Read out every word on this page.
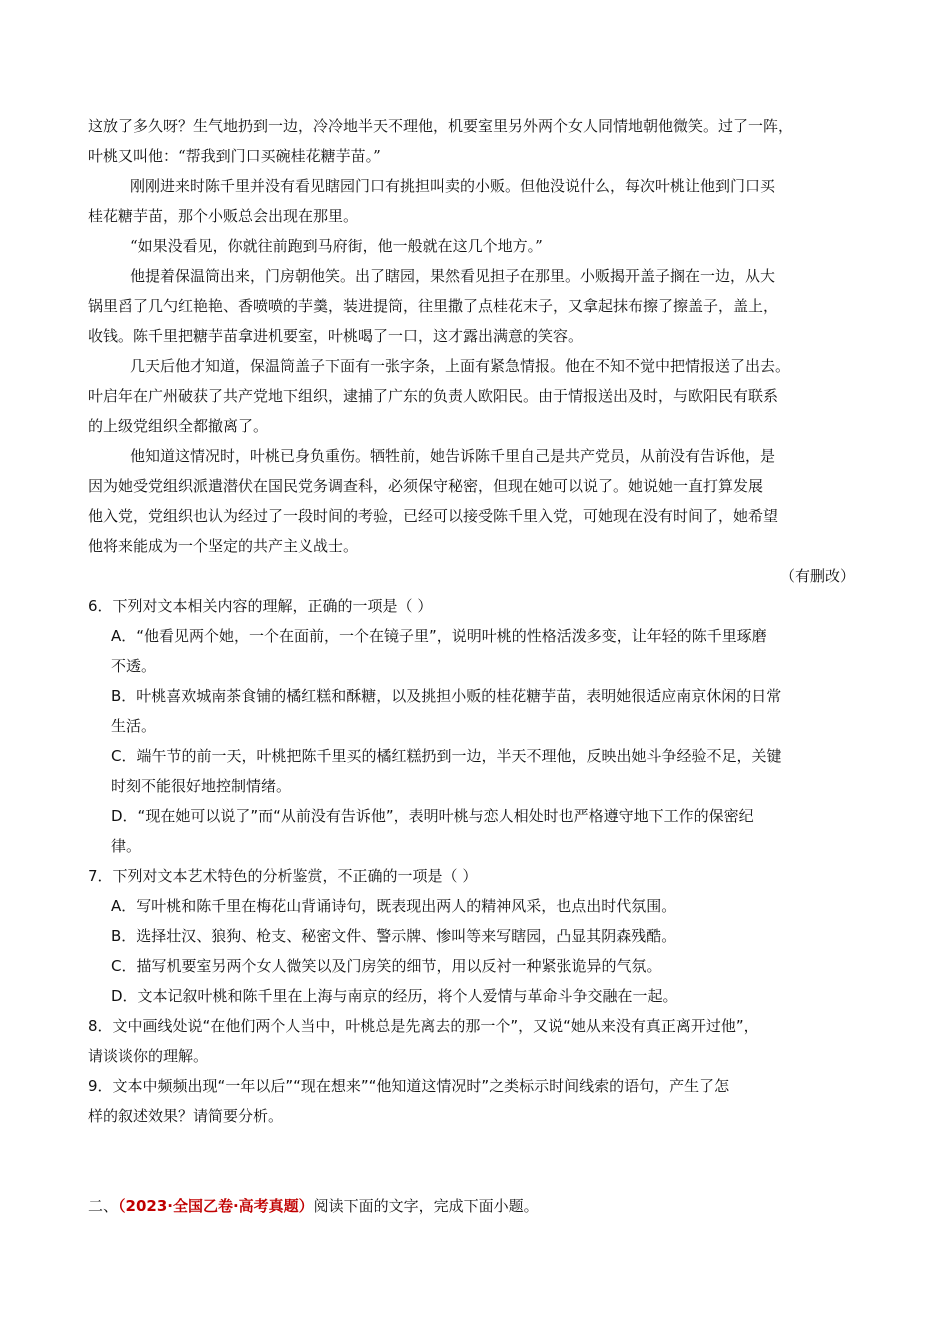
这放了多久呀？生气地扔到一边，冷冷地半天不理他，机要室里另外两个女人同情地朝他微笑。过了一阵，
叶桃又叫他：“帮我到门口买碗桂花糖芋苗。”
刚刚进来时陈千里并没有看见瞎园门口有挑担叫卖的小贩。但他没说什么，每次叶桃让他到门口买
桂花糖芋苗，那个小贩总会出现在那里。
“如果没看见，你就往前跑到马府街，他一般就在这几个地方。”
他提着保温筒出来，门房朝他笑。出了瞎园，果然看见担子在那里。小贩揭开盖子搁在一边，从大
锅里舀了几勺红艳艳、香喷喷的芋羹，装进提筒，往里撒了点桂花末子，又拿起抹布擦了擦盖子，盖上，
收钱。陈千里把糖芋苗拿进机要室，叶桃喝了一口，这才露出满意的笑容。
几天后他才知道，保温筒盖子下面有一张字条，上面有紧急情报。他在不知不觉中把情报送了出去。
叶启年在广州破获了共产党地下组织，逮捕了广东的负责人欧阳民。由于情报送出及时，与欧阳民有联系
的上级党组织全都撤离了。
他知道这情况时，叶桃已身负重伤。牺牲前，她告诉陈千里自己是共产党员，从前没有告诉他，是
因为她受党组织派遣潜伏在国民党务调查科，必须保守秘密，但现在她可以说了。她说她一直打算发展
他入党，党组织也认为经过了一段时间的考验，已经可以接受陈千里入党，可她现在没有时间了，她希望
他将来能成为一个坚定的共产主义战士。
（有删改）
6．下列对文本相关内容的理解，正确的一项是（ ）
A．“他看见两个她，一个在面前，一个在镜子里”，说明叶桃的性格活泼多变，让年轻的陈千里琢磨
不透。
B．叶桃喜欢城南茶食铺的橘红糕和酥糖，以及挑担小贩的桂花糖芋苗，表明她很适应南京休闲的日常
生活。
C．端午节的前一天，叶桃把陈千里买的橘红糕扔到一边，半天不理他，反映出她斗争经验不足，关键
时刻不能很好地控制情绪。
D．“现在她可以说了”而“从前没有告诉他”，表明叶桃与恋人相处时也严格遵守地下工作的保密纪
律。
7．下列对文本艺术特色的分析鉴赏，不正确的一项是（ ）
A．写叶桃和陈千里在梅花山背诵诗句，既表现出两人的精神风采，也点出时代氛围。
B．选择壮汉、狼狗、枪支、秘密文件、警示牌、惨叫等来写瞎园，凸显其阴森残酷。
C．描写机要室另两个女人微笑以及门房笑的细节，用以反衬一种紧张诡异的气氛。
D．文本记叙叶桃和陈千里在上海与南京的经历，将个人爱情与革命斗争交融在一起。
8．文中画线处说“在他们两个人当中，叶桃总是先离去的那一个”，又说“她从来没有真正离开过他”，
请谈谈你的理解。
9．文本中频频出现“一年以后”“现在想来”“他知道这情况时”之类标示时间线索的语句，产生了怎
样的叙述效果？请简要分析。
二、（2023·全国乙卷·高考真题）阅读下面的文字，完成下面小题。
